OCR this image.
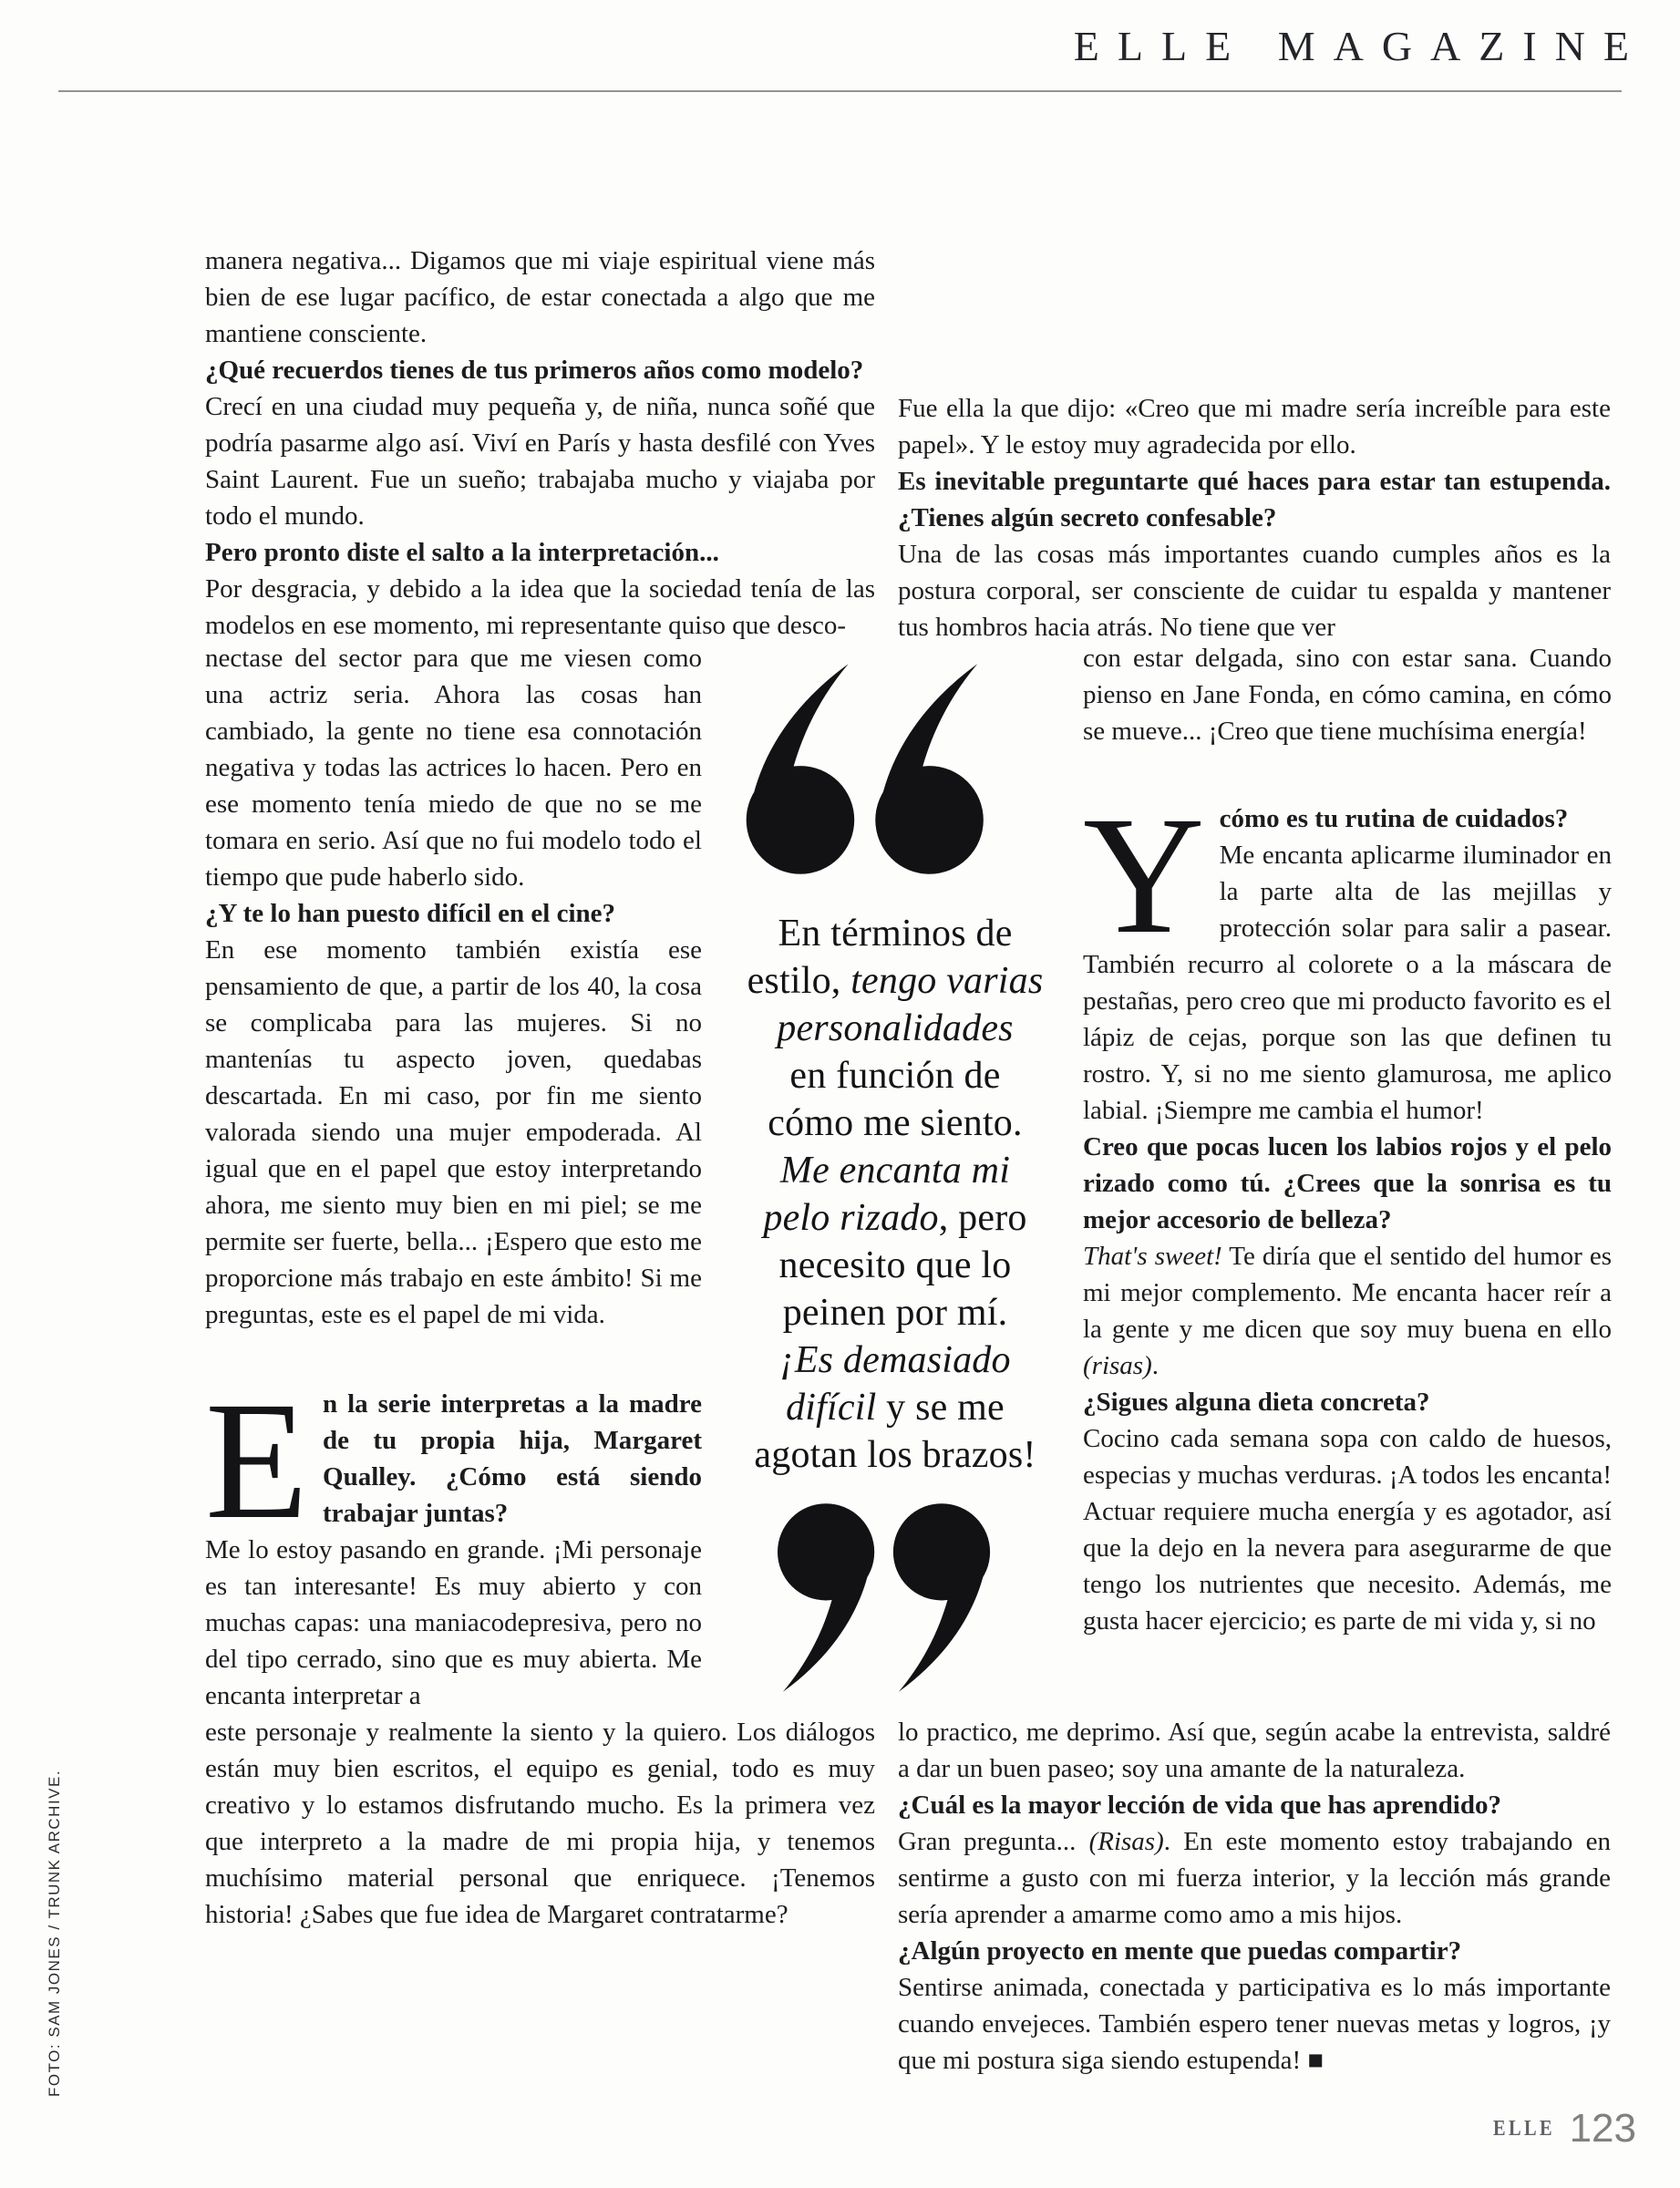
ELLE MAGAZINE
FOTO: SAM JONES / TRUNK ARCHIVE.
manera negativa... Digamos que mi viaje espiritual viene más bien de ese lugar pacífico, de estar conectada a algo que me mantiene consciente.
¿Qué recuerdos tienes de tus primeros años como modelo?
Crecí en una ciudad muy pequeña y, de niña, nunca soñé que podría pasarme algo así. Viví en París y hasta desfilé con Yves Saint Laurent. Fue un sueño; trabajaba mucho y viajaba por todo el mundo.
Pero pronto diste el salto a la interpretación...
Por desgracia, y debido a la idea que la sociedad tenía de las modelos en ese momento, mi representante quiso que desco-
nectase del sector para que me viesen como una actriz seria. Ahora las cosas han cambiado, la gente no tiene esa connotación negativa y todas las actrices lo hacen. Pero en ese momento tenía miedo de que no se me tomara en serio. Así que no fui modelo todo el tiempo que pude haberlo sido.
¿Y te lo han puesto difícil en el cine?
En ese momento también existía ese pensamiento de que, a partir de los 40, la cosa se complicaba para las mujeres. Si no mantenías tu aspecto joven, quedabas descartada. En mi caso, por fin me siento valorada siendo una mujer empoderada. Al igual que en el papel que estoy interpretando ahora, me siento muy bien en mi piel; se me permite ser fuerte, bella... ¡Espero que esto me proporcione más trabajo en este ámbito! Si me preguntas, este es el papel de mi vida.
E n la serie interpretas a la madre de tu propia hija, Margaret Qualley. ¿Cómo está siendo trabajar juntas?
Me lo estoy pasando en grande. ¡Mi personaje es tan interesante! Es muy abierto y con muchas capas: una maniacodepresiva, pero no del tipo cerrado, sino que es muy abierta. Me encanta interpretar a
este personaje y realmente la siento y la quiero. Los diálogos están muy bien escritos, el equipo es genial, todo es muy creativo y lo estamos disfrutando mucho. Es la primera vez que interpreto a la madre de mi propia hija, y tenemos muchísimo material personal que enriquece. ¡Tenemos historia! ¿Sabes que fue idea de Margaret contratarme?
En términos de
estilo, tengo varias
personalidades
en función de
cómo me siento.
Me encanta mi
pelo rizado, pero
necesito que lo
peinen por mí.
¡Es demasiado
difícil y se me
agotan los brazos!
Fue ella la que dijo: «Creo que mi madre sería increíble para este papel». Y le estoy muy agradecida por ello.
Es inevitable preguntarte qué haces para estar tan estupenda. ¿Tienes algún secreto confesable?
Una de las cosas más importantes cuando cumples años es la postura corporal, ser consciente de cuidar tu espalda y mantener tus hombros hacia atrás. No tiene que ver
con estar delgada, sino con estar sana. Cuando pienso en Jane Fonda, en cómo camina, en cómo se mueve... ¡Creo que tiene muchísima energía!
Y cómo es tu rutina de cuidados?
Me encanta aplicarme iluminador en la parte alta de las mejillas y protección solar para salir a pasear. También recurro al colorete o a la máscara de pestañas, pero creo que mi producto favorito es el lápiz de cejas, porque son las que definen tu rostro. Y, si no me siento glamurosa, me aplico labial. ¡Siempre me cambia el humor!
Creo que pocas lucen los labios rojos y el pelo rizado como tú. ¿Crees que la sonrisa es tu mejor accesorio de belleza?
That's sweet! Te diría que el sentido del humor es mi mejor complemento. Me encanta hacer reír a la gente y me dicen que soy muy buena en ello (risas).
¿Sigues alguna dieta concreta?
Cocino cada semana sopa con caldo de huesos, especias y muchas verduras. ¡A todos les encanta! Actuar requiere mucha energía y es agotador, así que la dejo en la nevera para asegurarme de que tengo los nutrientes que necesito. Además, me gusta hacer ejercicio; es parte de mi vida y, si no
lo practico, me deprimo. Así que, según acabe la entrevista, saldré a dar un buen paseo; soy una amante de la naturaleza.
¿Cuál es la mayor lección de vida que has aprendido?
Gran pregunta... (Risas). En este momento estoy trabajando en sentirme a gusto con mi fuerza interior, y la lección más grande sería aprender a amarme como amo a mis hijos.
¿Algún proyecto en mente que puedas compartir?
Sentirse animada, conectada y participativa es lo más importante cuando envejeces. También espero tener nuevas metas y logros, ¡y que mi postura siga siendo estupenda! ■
ELLE 123
